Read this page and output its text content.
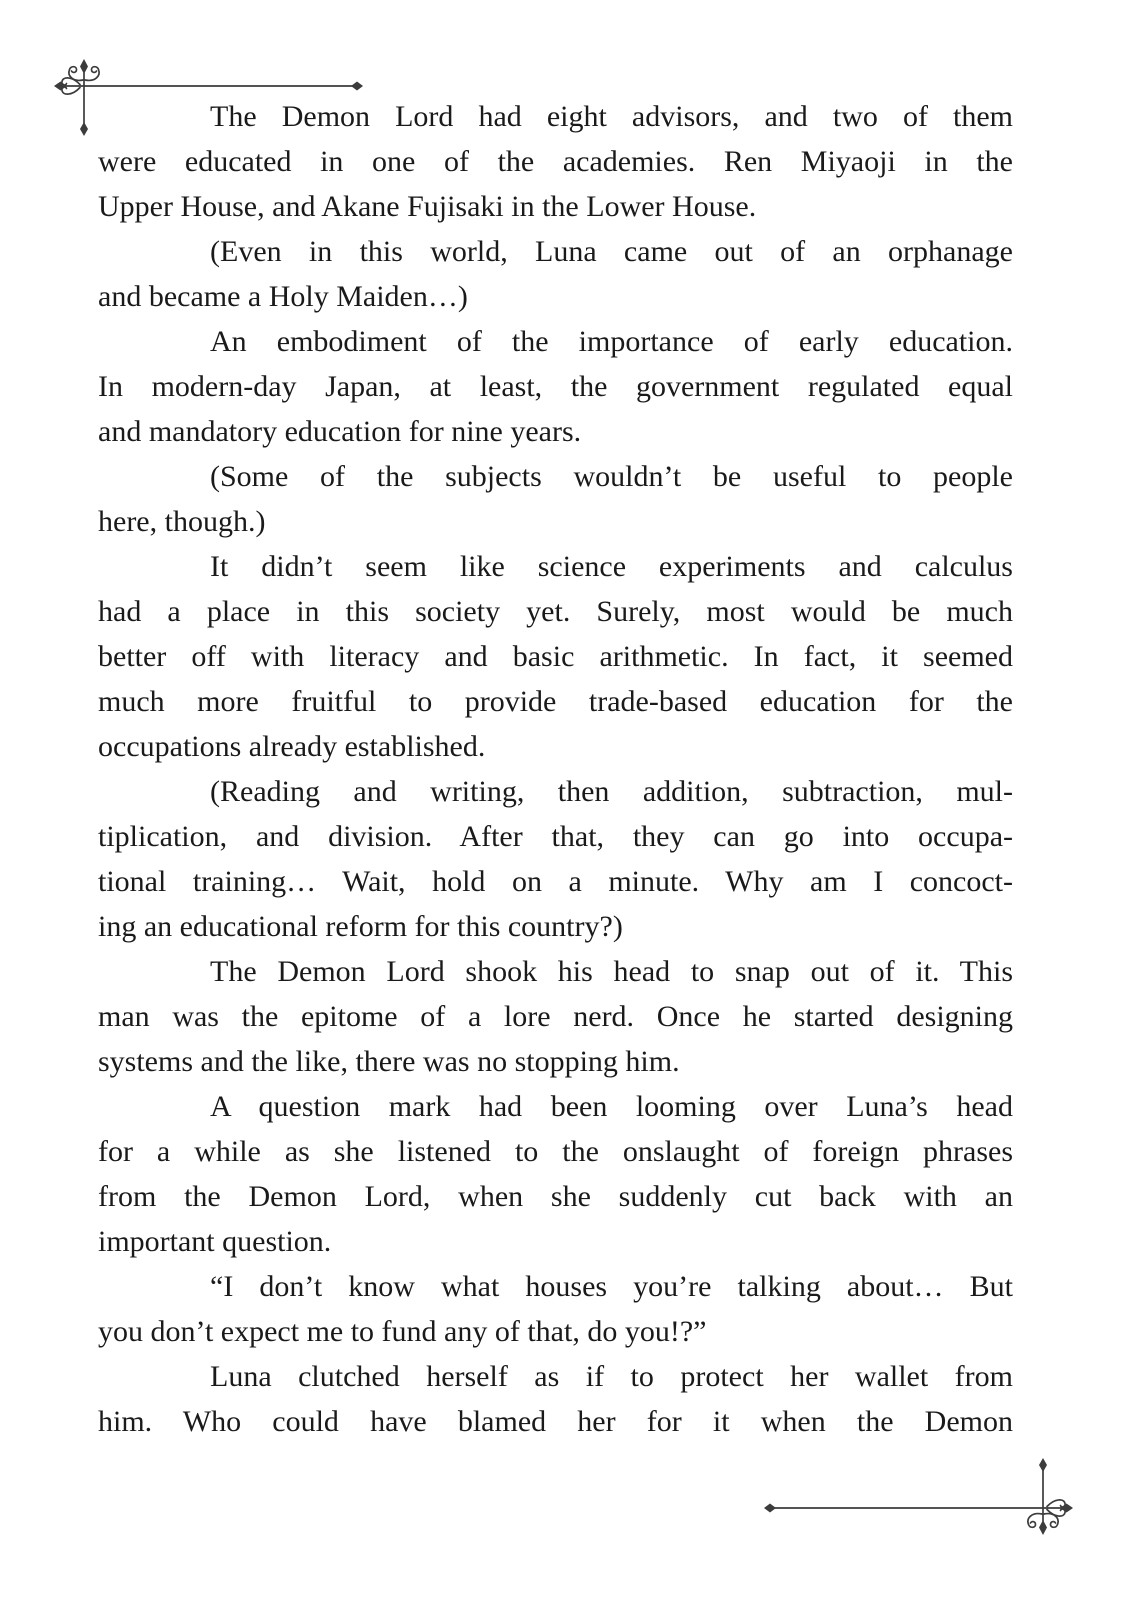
The Demon Lord had eight advisors, and two of them
were educated in one of the academies. Ren Miyaoji in the
Upper House, and Akane Fujisaki in the Lower House.
(Even in this world, Luna came out of an orphanage
and became a Holy Maiden…)
An embodiment of the importance of early education.
In modern-day Japan, at least, the government regulated equal
and mandatory education for nine years.
(Some of the subjects wouldn’t be useful to people
here, though.)
It didn’t seem like science experiments and calculus
had a place in this society yet. Surely, most would be much
better off with literacy and basic arithmetic. In fact, it seemed
much more fruitful to provide trade-based education for the
occupations already established.
(Reading and writing, then addition, subtraction, mul-
tiplication, and division. After that, they can go into occupa-
tional training… Wait, hold on a minute. Why am I concoct-
ing an educational reform for this country?)
The Demon Lord shook his head to snap out of it. This
man was the epitome of a lore nerd. Once he started designing
systems and the like, there was no stopping him.
A question mark had been looming over Luna’s head
for a while as she listened to the onslaught of foreign phrases
from the Demon Lord, when she suddenly cut back with an
important question.
“I don’t know what houses you’re talking about… But
you don’t expect me to fund any of that, do you!?”
Luna clutched herself as if to protect her wallet from
him. Who could have blamed her for it when the Demon
